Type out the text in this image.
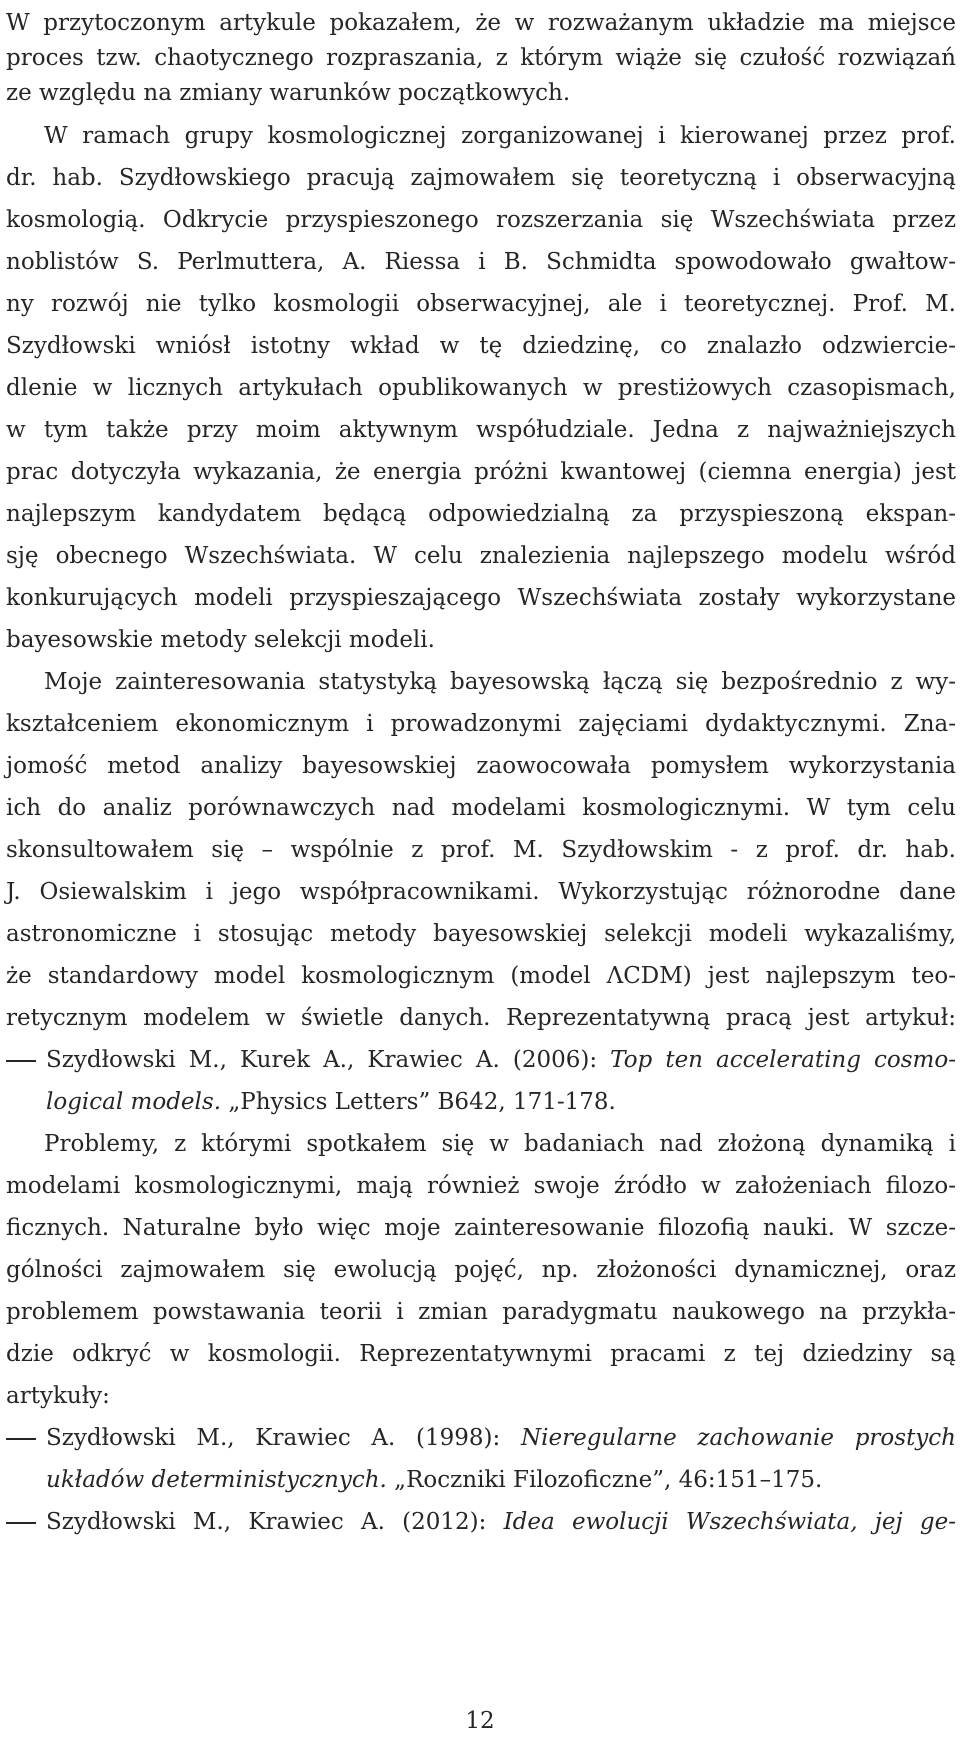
W przytoczonym artykule pokazałem, że w rozważanym układzie ma miejsce
proces tzw. chaotycznego rozpraszania, z którym wiąże się czułość rozwiązań
ze względu na zmiany warunków początkowych.
W ramach grupy kosmologicznej zorganizowanej i kierowanej przez prof.
dr. hab. Szydłowskiego pracują zajmowałem się teoretyczną i obserwacyjną
kosmologią. Odkrycie przyspieszonego rozszerzania się Wszechświata przez
noblistów S. Perlmuttera, A. Riessa i B. Schmidta spowodowało gwałtow-
ny rozwój nie tylko kosmologii obserwacyjnej, ale i teoretycznej. Prof. M.
Szydłowski wniósł istotny wkład w tę dziedzinę, co znalazło odzwiercie-
dlenie w licznych artykułach opublikowanych w prestiżowych czasopismach,
w tym także przy moim aktywnym współudziale. Jedna z najważniejszych
prac dotyczyła wykazania, że energia próżni kwantowej (ciemna energia) jest
najlepszym kandydatem będącą odpowiedzialną za przyspieszoną ekspan-
sję obecnego Wszechświata. W celu znalezienia najlepszego modelu wśród
konkurujących modeli przyspieszającego Wszechświata zostały wykorzystane
bayesowskie metody selekcji modeli.
Moje zainteresowania statystyką bayesowską łączą się bezpośrednio z wy-
kształceniem ekonomicznym i prowadzonymi zajęciami dydaktycznymi. Zna-
jomość metod analizy bayesowskiej zaowocowała pomysłem wykorzystania
ich do analiz porównawczych nad modelami kosmologicznymi. W tym celu
skonsultowałem się – wspólnie z prof. M. Szydłowskim - z prof. dr. hab.
J. Osiewalskim i jego współpracownikami. Wykorzystując różnorodne dane
astronomiczne i stosując metody bayesowskiej selekcji modeli wykazaliśmy,
że standardowy model kosmologicznym (model ΛCDM) jest najlepszym teo-
retycznym modelem w świetle danych. Reprezentatywną pracą jest artykuł:
Szydłowski M., Kurek A., Krawiec A. (2006): Top ten accelerating cosmo-
logical models. „Physics Letters” B642, 171-178.
Problemy, z którymi spotkałem się w badaniach nad złożoną dynamiką i
modelami kosmologicznymi, mają również swoje źródło w założeniach filozo-
ficznych. Naturalne było więc moje zainteresowanie filozofią nauki. W szcze-
gólności zajmowałem się ewolucją pojęć, np. złożoności dynamicznej, oraz
problemem powstawania teorii i zmian paradygmatu naukowego na przykła-
dzie odkryć w kosmologii. Reprezentatywnymi pracami z tej dziedziny są
artykuły:
Szydłowski M., Krawiec A. (1998): Nieregularne zachowanie prostych
układów deterministycznych. „Roczniki Filozoficzne”, 46:151–175.
Szydłowski M., Krawiec A. (2012): Idea ewolucji Wszechświata, jej ge-
12
